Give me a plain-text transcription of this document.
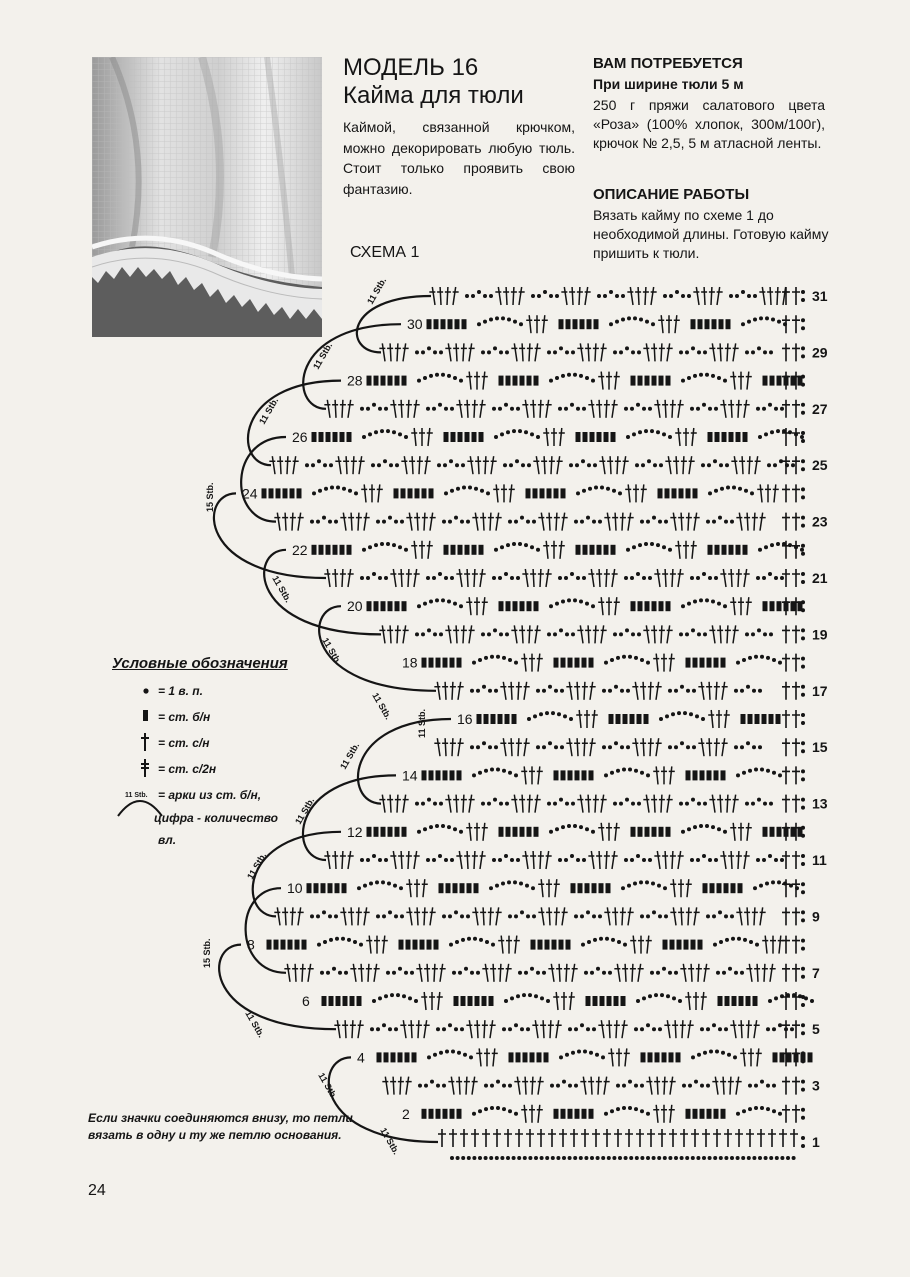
МОДЕЛЬ 16
Кайма для тюли

Каймой, связанной крючком, можно декорировать любую тюль. Стоит только проявить свою фантазию.

ВАМ ПОТРЕБУЕТСЯ

При ширине тюли 5 м

250 г пряжи салатового цвета «Роза» (100% хлопок, 300м/100г), крючок № 2,5, 5 м атласной ленты.

ОПИСАНИЕ РАБОТЫ

Вязать кайму по схеме 1 до необходимой длины. Готовую кайму пришить к тюли.

СХЕМА 1

11 Stb.
11 Stb.
11 Stb.
15 Stb.
11 Stb.
11 Stb.
11 Stb.
11 Stb.
11 Stb.
11 Stb.
11 Stb.
15 Stb.
11 Stb.
11 Stb.
11 Stb.
1
3
5
7
9
11
13
15
17
19
21
23
25
27
29
31
2
4
6
8
10
12
14
16
18
20
22
24
26
28
30

Условные обозначения

= 1 в. п.

= ст. б/н

= ст. с/н

= ст. с/2н

11 Stb. = арки из ст. б/н,

цифра - количество

вл.

Если значки соединяются внизу, то петли вязать в одну и ту же петлю основания.

24
